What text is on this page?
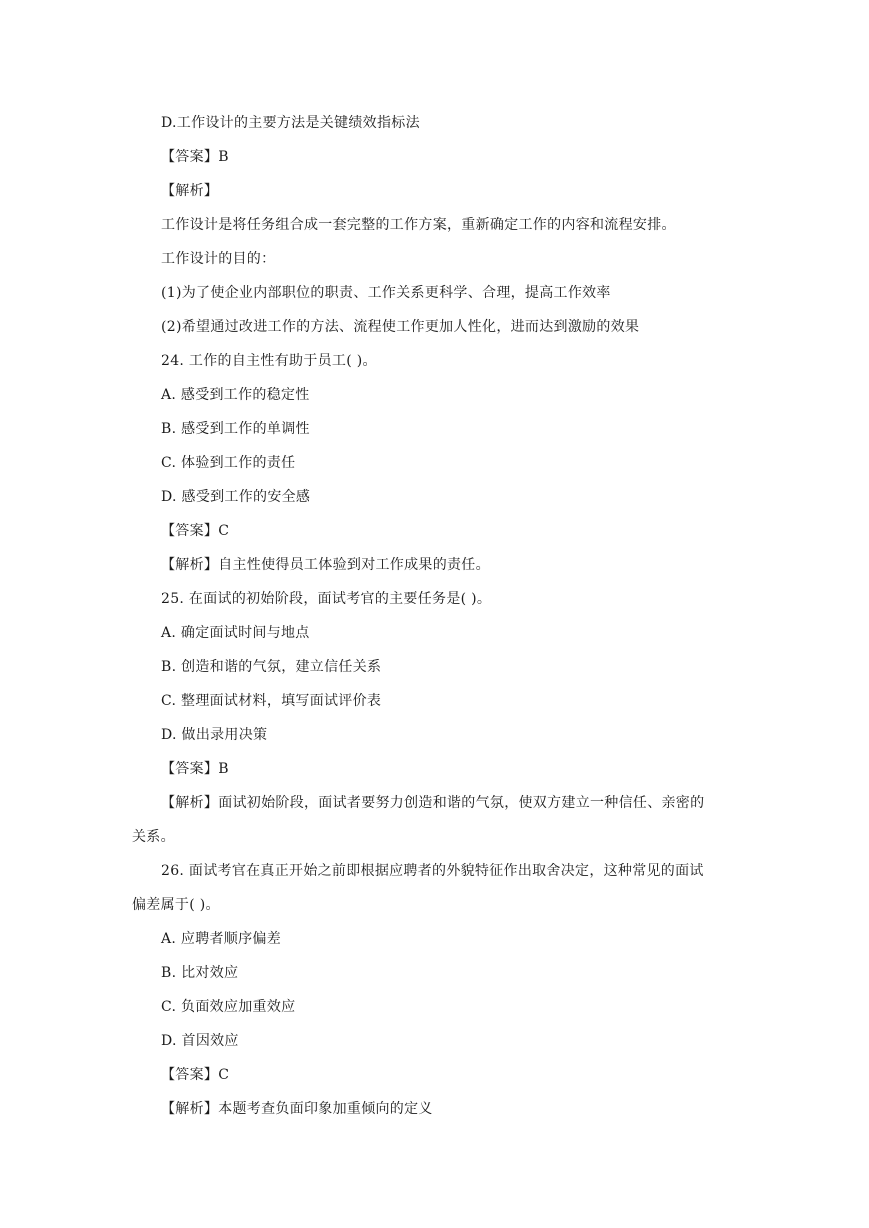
D.工作设计的主要方法是关键绩效指标法
【答案】B
【解析】
工作设计是将任务组合成一套完整的工作方案，重新确定工作的内容和流程安排。
工作设计的目的：
(1)为了使企业内部职位的职责、工作关系更科学、合理，提高工作效率
(2)希望通过改进工作的方法、流程使工作更加人性化，进而达到激励的效果
24. 工作的自主性有助于员工( )。
A. 感受到工作的稳定性
B. 感受到工作的单调性
C. 体验到工作的责任
D. 感受到工作的安全感
【答案】C
【解析】自主性使得员工体验到对工作成果的责任。
25. 在面试的初始阶段，面试考官的主要任务是( )。
A. 确定面试时间与地点
B. 创造和谐的气氛，建立信任关系
C. 整理面试材料，填写面试评价表
D. 做出录用决策
【答案】B
【解析】面试初始阶段，面试者要努力创造和谐的气氛，使双方建立一种信任、亲密的
关系。
26. 面试考官在真正开始之前即根据应聘者的外貌特征作出取舍决定，这种常见的面试
偏差属于( )。
A. 应聘者顺序偏差
B. 比对效应
C. 负面效应加重效应
D. 首因效应
【答案】C
【解析】本题考查负面印象加重倾向的定义
